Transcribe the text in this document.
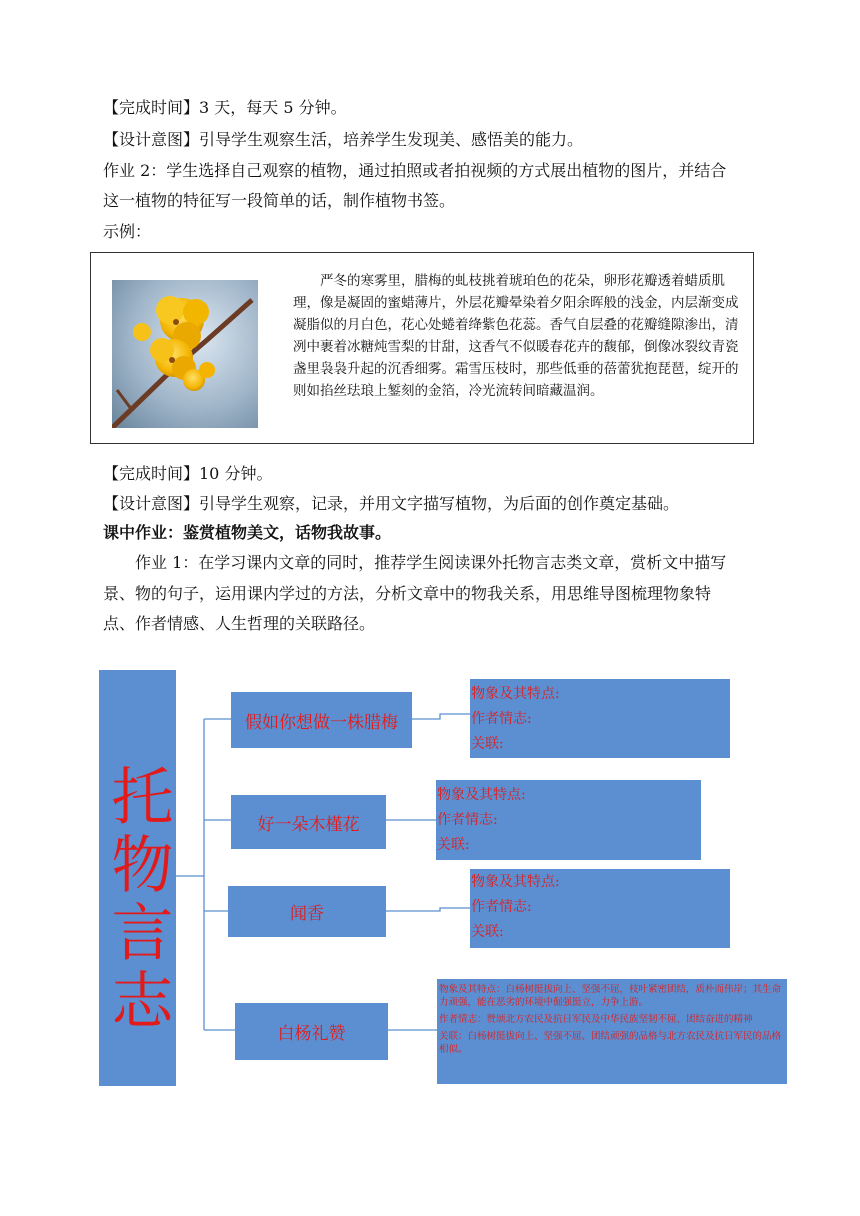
【完成时间】3 天，每天 5 分钟。
【设计意图】引导学生观察生活，培养学生发现美、感悟美的能力。
作业 2：学生选择自己观察的植物，通过拍照或者拍视频的方式展出植物的图片，并结合
这一植物的特征写一段简单的话，制作植物书签。
示例：

严冬的寒雾里，腊梅的虬枝挑着琥珀色的花朵，卵形花瓣透着蜡质肌理，像是凝固的蜜蜡薄片，外层花瓣晕染着夕阳余晖般的浅金，内层渐变成凝脂似的月白色，花心处蜷着绛紫色花蕊。香气自层叠的花瓣缝隙渗出，清冽中裹着冰糖炖雪梨的甘甜，这香气不似暖春花卉的馥郁，倒像冰裂纹青瓷盏里袅袅升起的沉香细雾。霜雪压枝时，那些低垂的蓓蕾犹抱琵琶，绽开的则如掐丝珐琅上錾刻的金箔，冷光流转间暗藏温润。

【完成时间】10 分钟。
【设计意图】引导学生观察，记录，并用文字描写植物，为后面的创作奠定基础。
课中作业：鉴赏植物美文，话物我故事。
作业 1：在学习课内文章的同时，推荐学生阅读课外托物言志类文章，赏析文中描写
景、物的句子，运用课内学过的方法，分析文章中的物我关系，用思维导图梳理物象特
点、作者情感、人生哲理的关联路径。
托物言志
假如你想做一株腊梅
好一朵木槿花
闻香
白杨礼赞
物象及其特点:
作者情志:
关联:
物象及其特点:
作者情志:
关联:
物象及其特点:
作者情志:
关联:

物象及其特点：白杨树挺拔向上、坚强不屈，枝叶紧密团结，质朴而伟岸；其生命力顽强，能在恶劣的环境中倔强挺立，力争上游。

作者情志：赞颂北方农民及抗日军民及中华民族坚韧不屈、团结奋进的精神

关联：白杨树挺拔向上、坚强不屈、团结顽强的品格与北方农民及抗日军民的品格相似。
